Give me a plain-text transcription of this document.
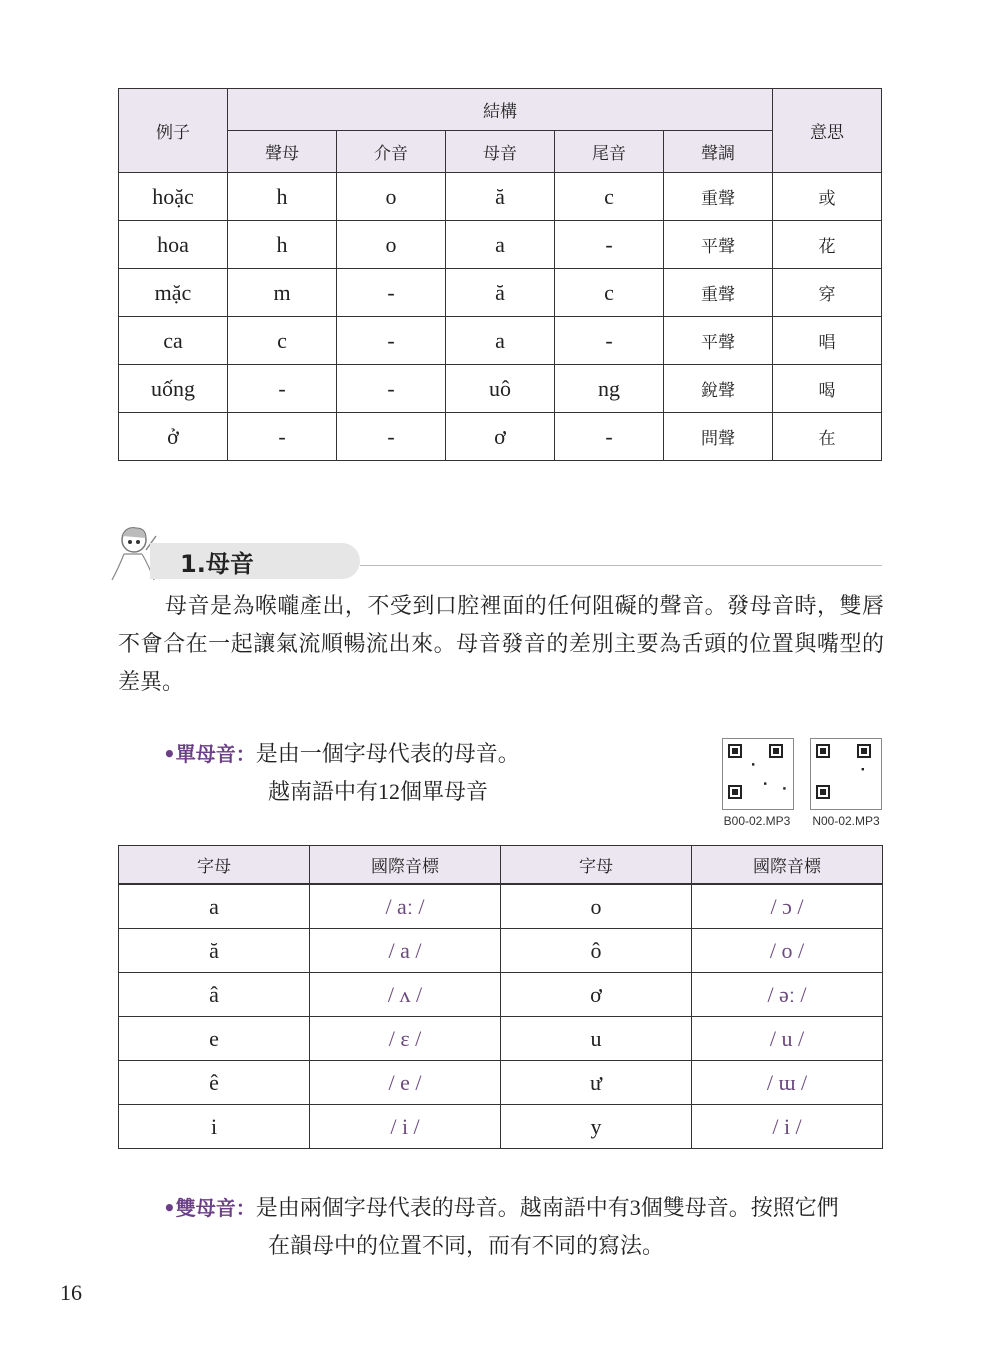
例子	結構					意思
	聲母	介音	母音	尾音	聲調	
hoặc	h	o	ă	c	重聲	或
hoa	h	o	a	-	平聲	花
mặc	m	-	ă	c	重聲	穿
ca	c	-	a	-	平聲	唱
uống	-	-	uô	ng	銳聲	喝
ở	-	-	ơ	-	問聲	在
1.母音
母音是為喉嚨產出，不受到口腔裡面的任何阻礙的聲音。發母音時，雙唇不會合在一起讓氣流順暢流出來。母音發音的差別主要為舌頭的位置與嘴型的差異。
•單母音：是由一個字母代表的母音。
越南語中有12個單母音
B00-02.MP3	N00-02.MP3
字母	國際音標	字母	國際音標
a	/ aː /	o	/ ɔ /
ă	/ a /	ô	/ o /
â	/ ʌ /	ơ	/ əː /
e	/ ɛ /	u	/ u /
ê	/ e /	ư	/ ɯ /
i	/ i /	y	/ i /
•雙母音：是由兩個字母代表的母音。越南語中有3個雙母音。按照它們
在韻母中的位置不同，而有不同的寫法。
16
